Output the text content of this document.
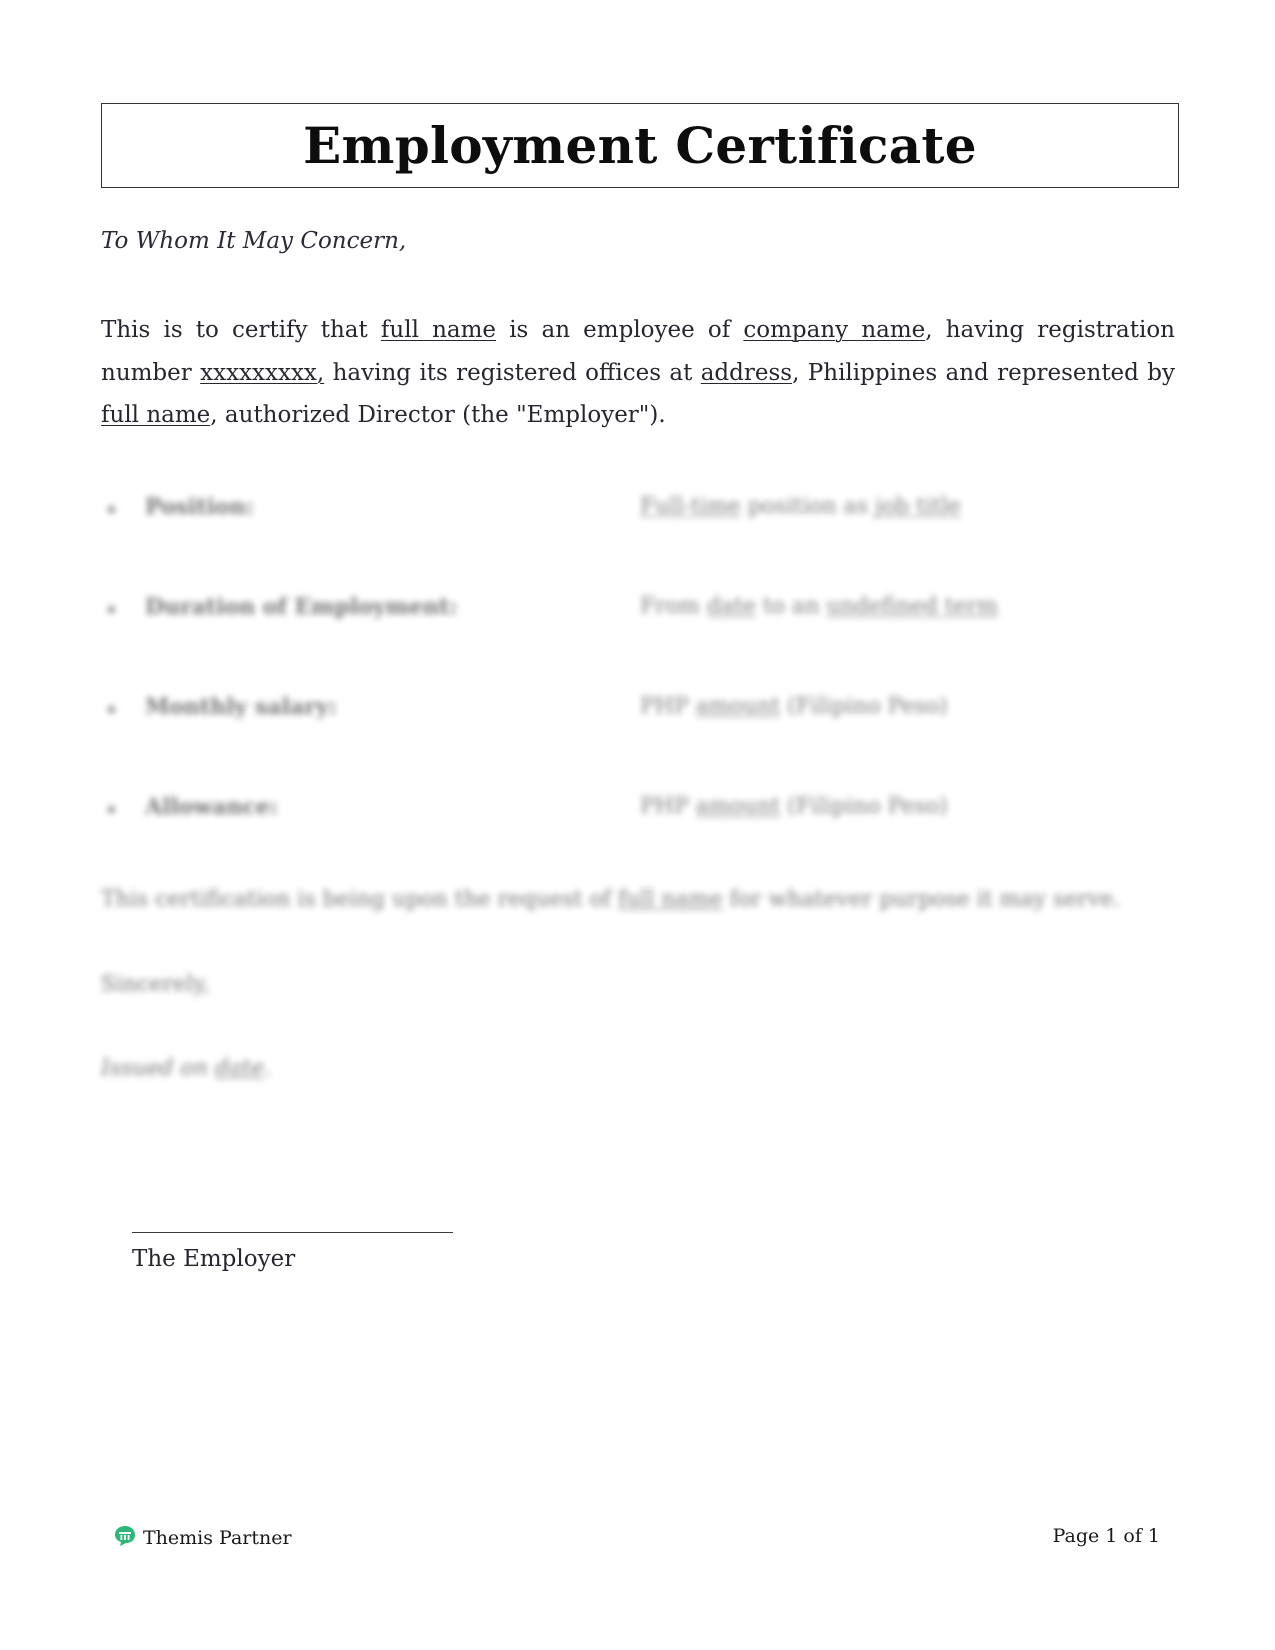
Employment Certificate
To Whom It May Concern,
This is to certify that full name is an employee of company name, having registration number xxxxxxxxx, having its registered offices at address, Philippines and represented by full name, authorized Director (the "Employer").
Position:	Full-time position as job title
Duration of Employment:	From date to an undefined term
Monthly salary:	PHP amount (Filipino Peso)
Allowance:	PHP amount (Filipino Peso)
This certification is being upon the request of full name for whatever purpose it may serve.
Sincerely,
Issued on date.
The Employer
Themis Partner	Page 1 of 1
